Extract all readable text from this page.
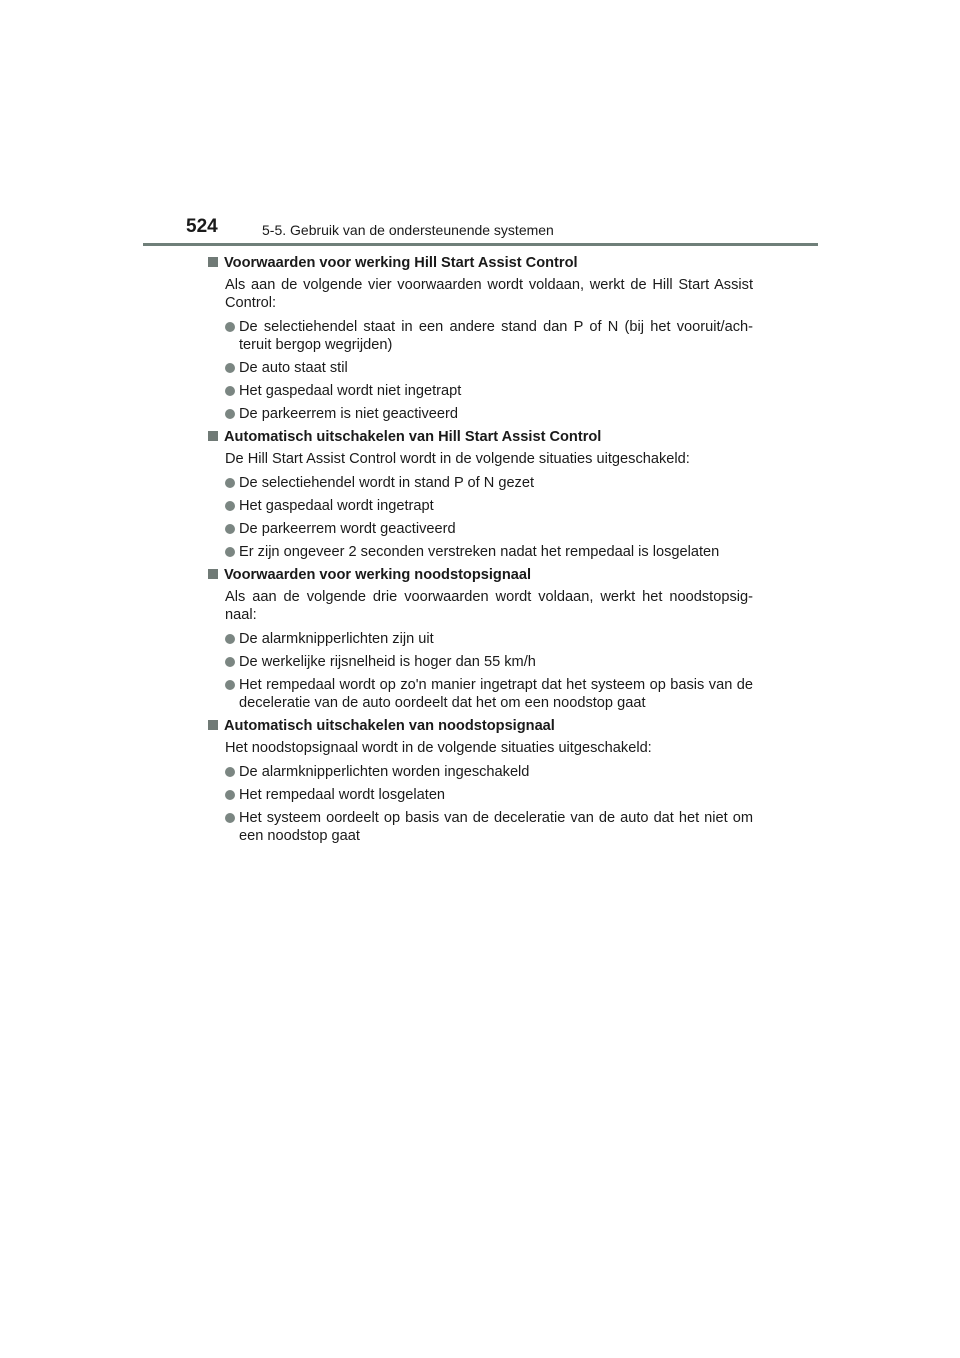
524	5-5. Gebruik van de ondersteunende systemen
Voorwaarden voor werking Hill Start Assist Control
Als aan de volgende vier voorwaarden wordt voldaan, werkt de Hill Start Assist Control:
De selectiehendel staat in een andere stand dan P of N (bij het vooruit/ach-teruit bergop wegrijden)
De auto staat stil
Het gaspedaal wordt niet ingetrapt
De parkeerrem is niet geactiveerd
Automatisch uitschakelen van Hill Start Assist Control
De Hill Start Assist Control wordt in de volgende situaties uitgeschakeld:
De selectiehendel wordt in stand P of N gezet
Het gaspedaal wordt ingetrapt
De parkeerrem wordt geactiveerd
Er zijn ongeveer 2 seconden verstreken nadat het rempedaal is losgelaten
Voorwaarden voor werking noodstopsignaal
Als aan de volgende drie voorwaarden wordt voldaan, werkt het noodstopsig-naal:
De alarmknipperlichten zijn uit
De werkelijke rijsnelheid is hoger dan 55 km/h
Het rempedaal wordt op zo'n manier ingetrapt dat het systeem op basis van de deceleratie van de auto oordeelt dat het om een noodstop gaat
Automatisch uitschakelen van noodstopsignaal
Het noodstopsignaal wordt in de volgende situaties uitgeschakeld:
De alarmknipperlichten worden ingeschakeld
Het rempedaal wordt losgelaten
Het systeem oordeelt op basis van de deceleratie van de auto dat het niet om een noodstop gaat
